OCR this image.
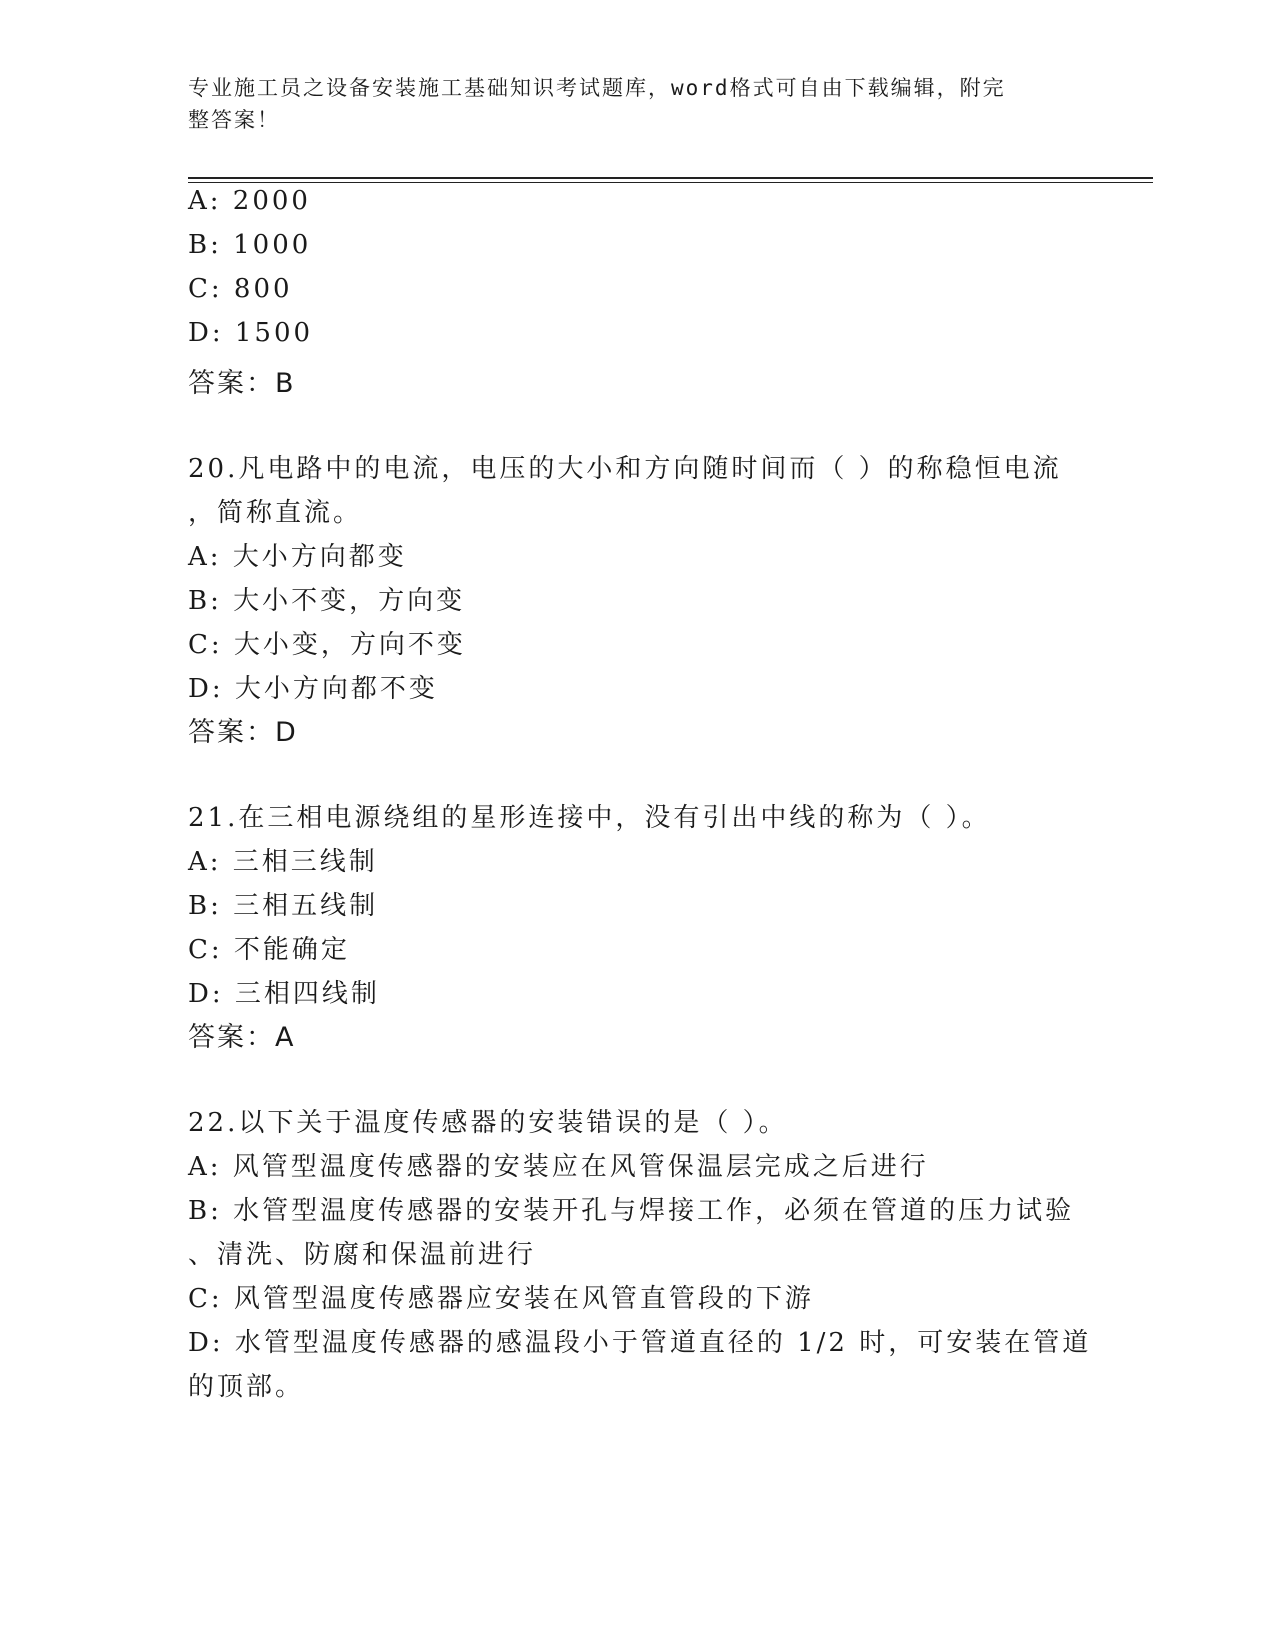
专业施工员之设备安装施工基础知识考试题库，word格式可自由下载编辑，附完
整答案！
A: 2000
B: 1000
C: 800
D: 1500
答案：B
20.凡电路中的电流，电压的大小和方向随时间而（ ）的称稳恒电流
，简称直流。
A: 大小方向都变
B: 大小不变，方向变
C: 大小变，方向不变
D: 大小方向都不变
答案：D
21.在三相电源绕组的星形连接中，没有引出中线的称为（ ）。
A: 三相三线制
B: 三相五线制
C: 不能确定
D: 三相四线制
答案：A
22.以下关于温度传感器的安装错误的是（ ）。
A: 风管型温度传感器的安装应在风管保温层完成之后进行
B: 水管型温度传感器的安装开孔与焊接工作，必须在管道的压力试验
、清洗、防腐和保温前进行
C: 风管型温度传感器应安装在风管直管段的下游
D: 水管型温度传感器的感温段小于管道直径的 1/2 时，可安装在管道
的顶部。
